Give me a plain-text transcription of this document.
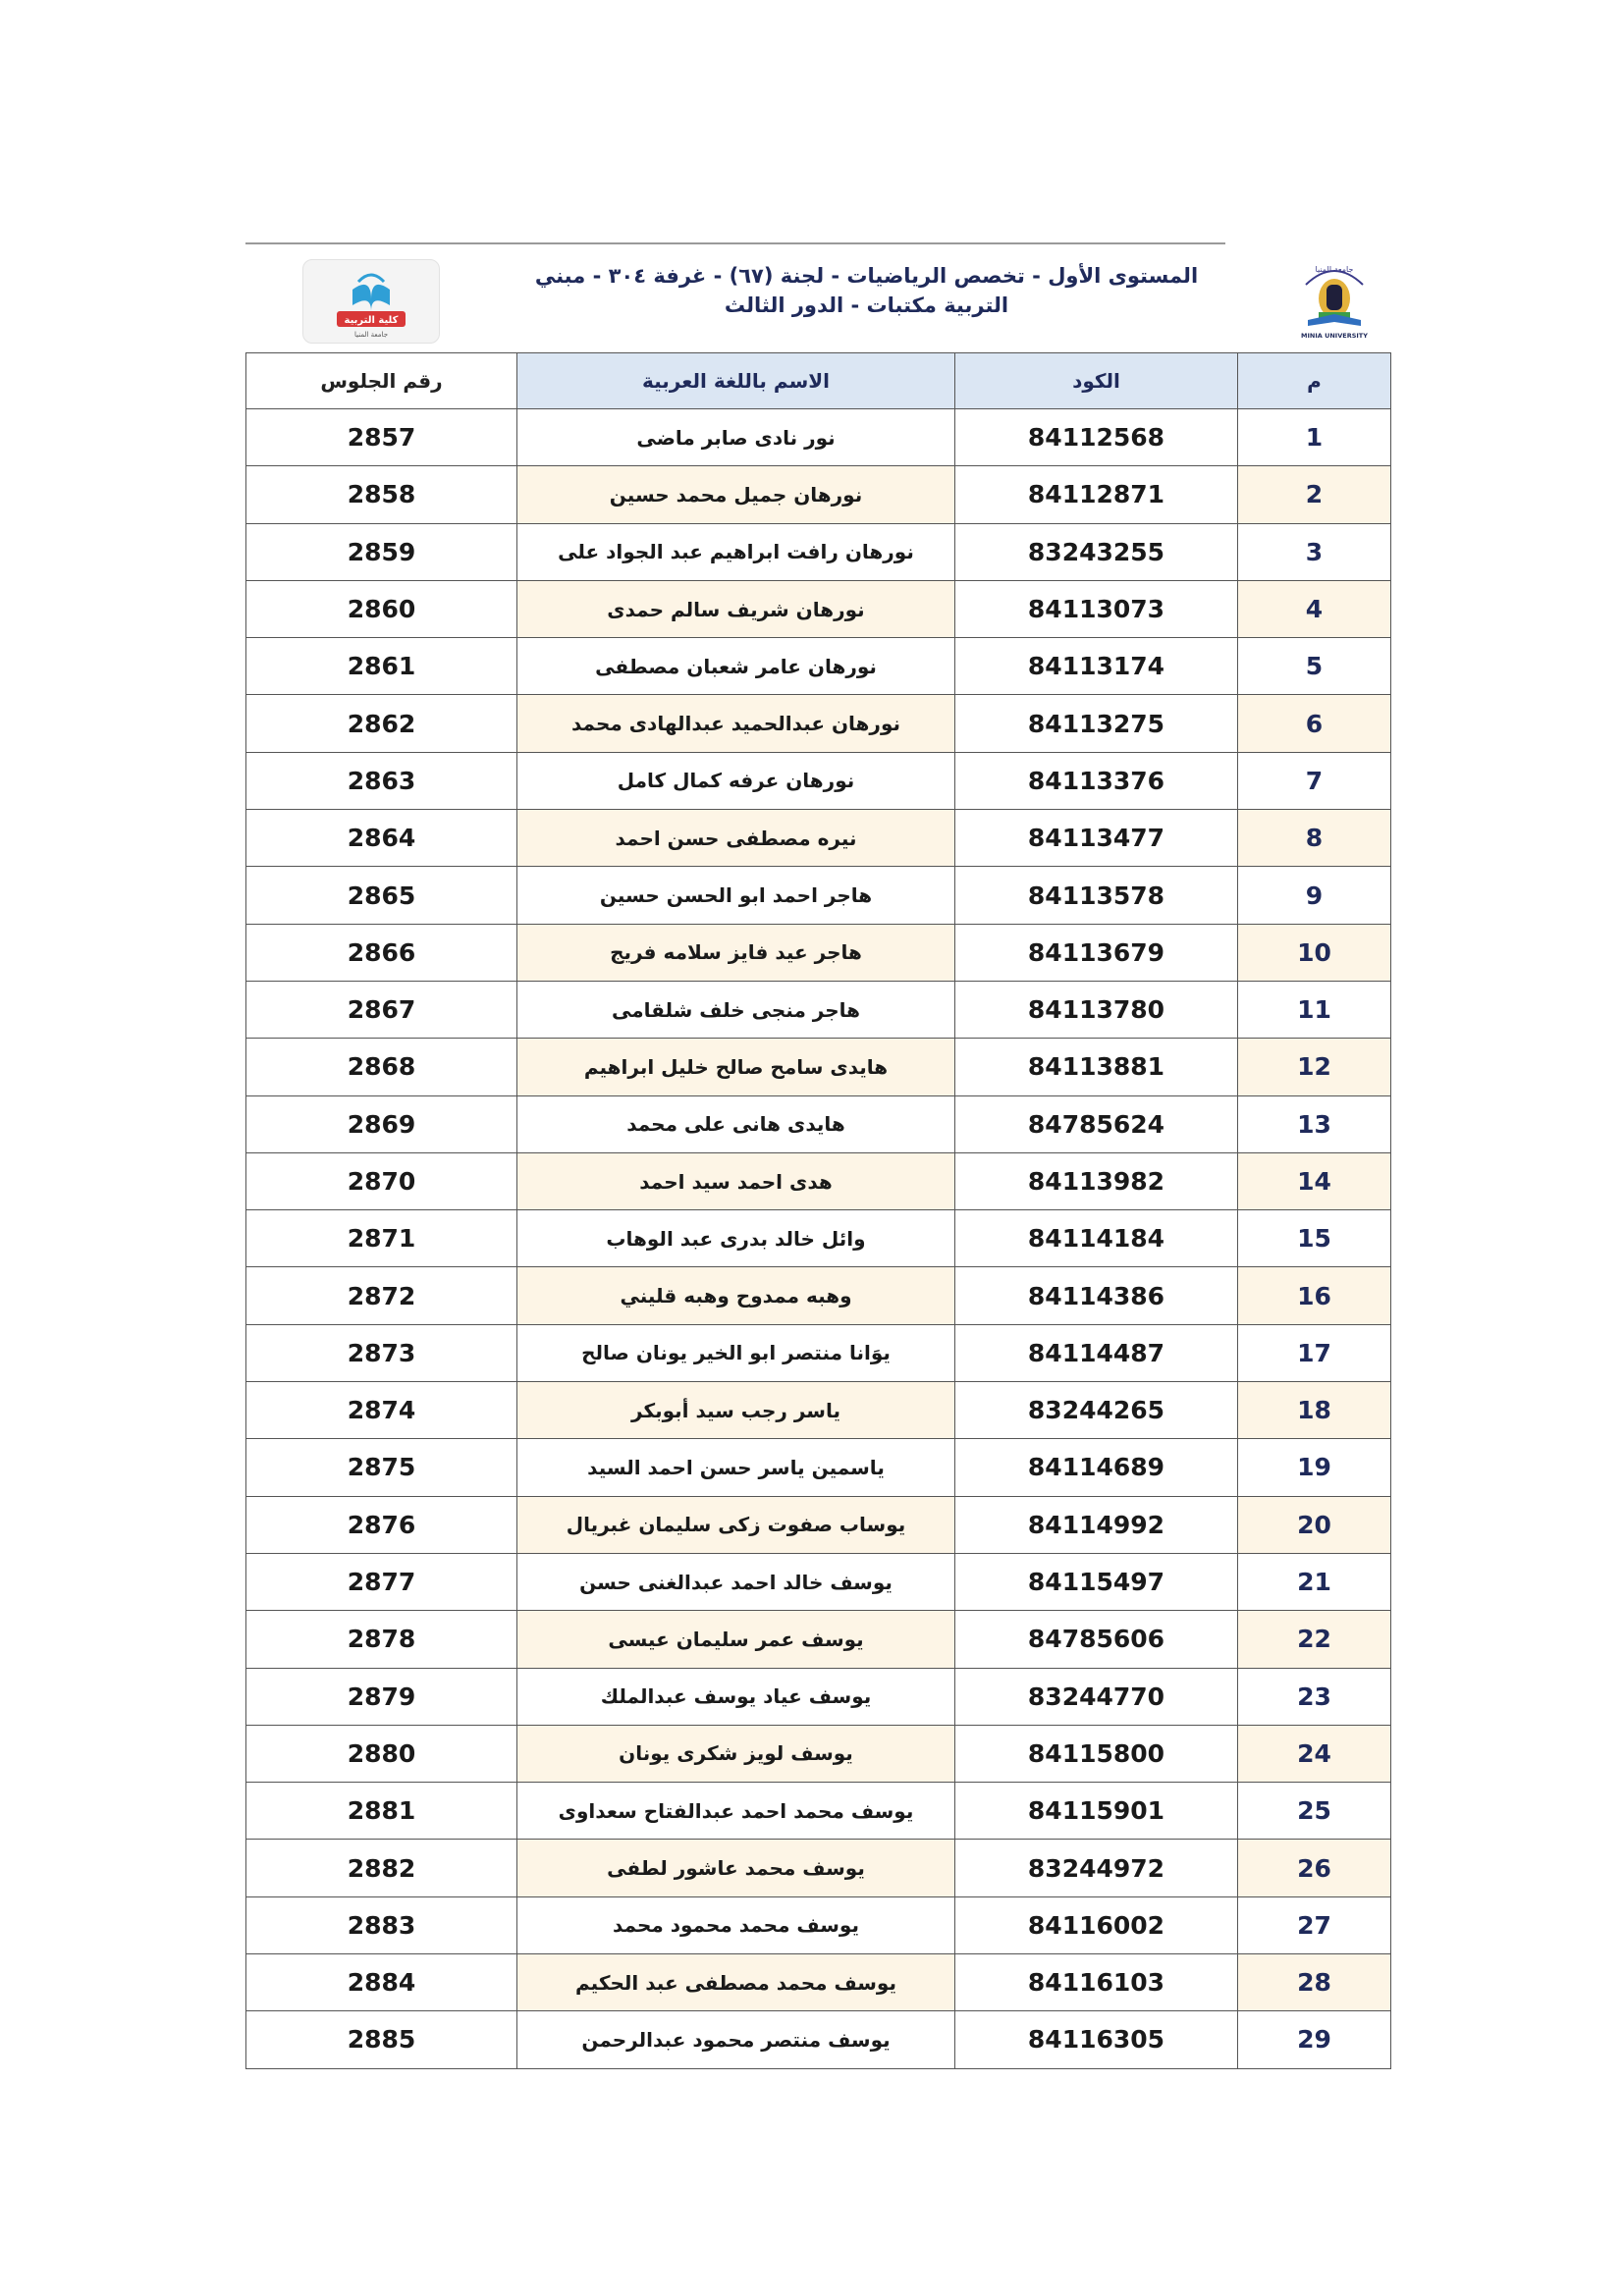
كلية التربية
جامعة المنيا
المستوى الأول - تخصص الرياضيات - لجنة (٦٧) - غرفة ٣٠٤ - مبني
التربية مكتبات - الدور الثالث
جامعة المنيا
MINIA UNIVERSITY
رقم الجلوس	الاسم باللغة العربية	الكود	م
2857	نور نادى صابر ماضى	84112568	1
2858	نورهان جميل محمد حسين	84112871	2
2859	نورهان رافت ابراهيم عبد الجواد على	83243255	3
2860	نورهان شريف سالم حمدى	84113073	4
2861	نورهان عامر شعبان مصطفى	84113174	5
2862	نورهان عبدالحميد عبدالهادى محمد	84113275	6
2863	نورهان عرفه كمال كامل	84113376	7
2864	نيره مصطفى حسن احمد	84113477	8
2865	هاجر احمد ابو الحسن حسين	84113578	9
2866	هاجر عيد فايز سلامه فريج	84113679	10
2867	هاجر منجى خلف شلقامى	84113780	11
2868	هايدى سامح صالح خليل ابراهيم	84113881	12
2869	هايدى هانى على محمد	84785624	13
2870	هدى احمد سيد احمد	84113982	14
2871	وائل خالد بدرى عبد الوهاب	84114184	15
2872	وهبه ممدوح وهبه قليني	84114386	16
2873	يوَانا منتصر ابو الخير يونان صالح	84114487	17
2874	ياسر رجب سيد أبوبكر	83244265	18
2875	ياسمين ياسر حسن احمد السيد	84114689	19
2876	يوساب صفوت زكى سليمان غبريال	84114992	20
2877	يوسف خالد احمد عبدالغنى حسن	84115497	21
2878	يوسف عمر سليمان عيسى	84785606	22
2879	يوسف عياد يوسف عبدالملك	83244770	23
2880	يوسف لويز شكرى يونان	84115800	24
2881	يوسف محمد احمد عبدالفتاح سعداوى	84115901	25
2882	يوسف محمد عاشور لطفى	83244972	26
2883	يوسف محمد محمود محمد	84116002	27
2884	يوسف محمد مصطفى عبد الحكيم	84116103	28
2885	يوسف منتصر محمود عبدالرحمن	84116305	29
